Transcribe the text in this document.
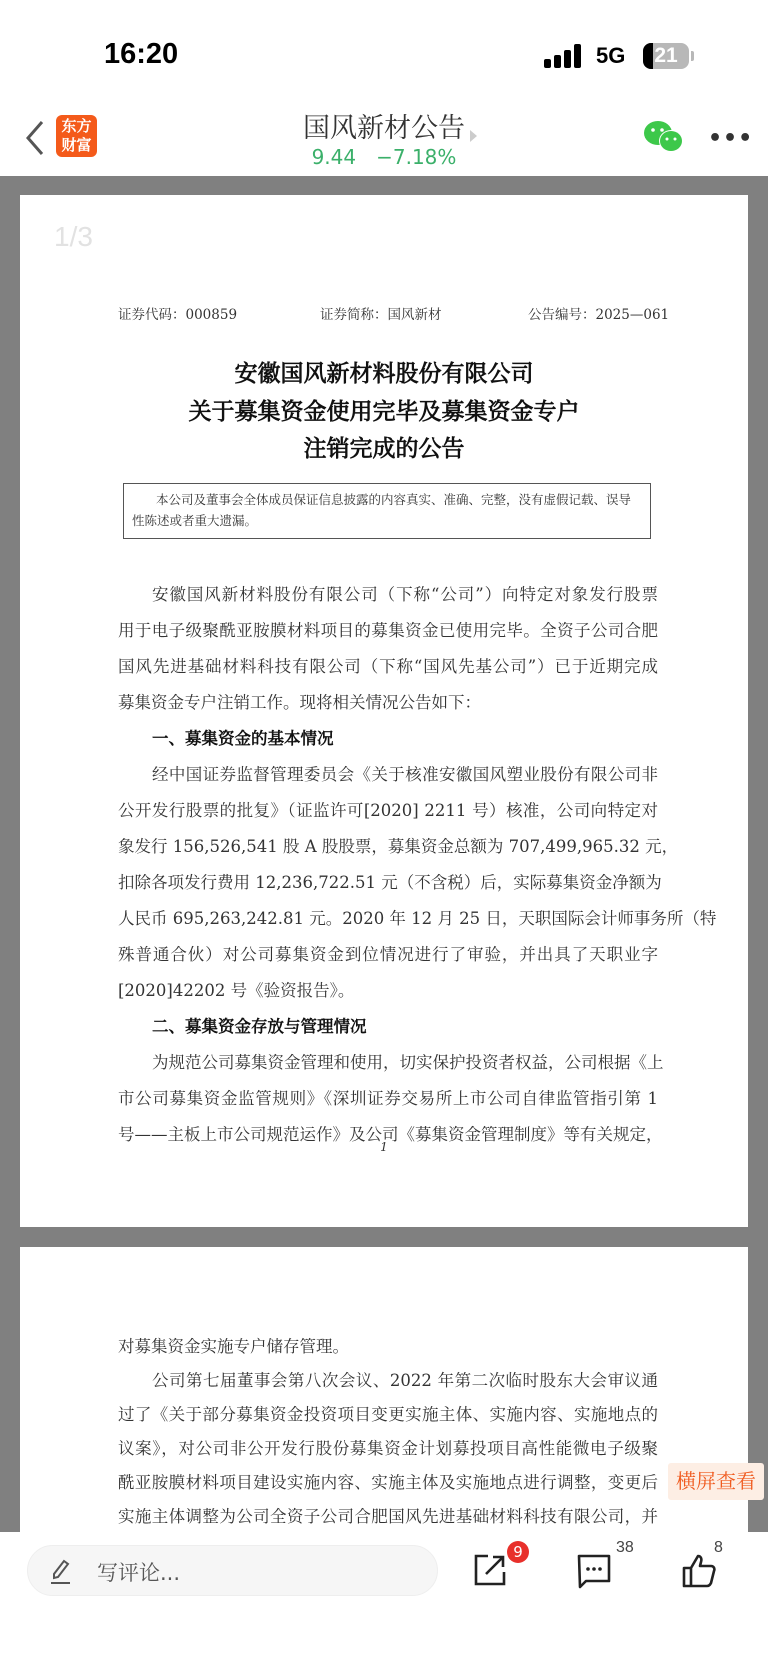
16:20	5G	21
东方
财富
国风新材公告
9.44 −7.18%
•••
1/3
证券代码：000859	证券简称：国风新材	公告编号：2025—061
安徽国风新材料股份有限公司
关于募集资金使用完毕及募集资金专户
注销完成的公告
本公司及董事会全体成员保证信息披露的内容真实、准确、完整，没有虚假记载、误导
性陈述或者重大遗漏。
安徽国风新材料股份有限公司（下称“公司”）向特定对象发行股票
用于电子级聚酰亚胺膜材料项目的募集资金已使用完毕。全资子公司合肥
国风先进基础材料科技有限公司（下称“国风先基公司”）已于近期完成
募集资金专户注销工作。现将相关情况公告如下：
一、募集资金的基本情况
经中国证券监督管理委员会《关于核准安徽国风塑业股份有限公司非
公开发行股票的批复》（证监许可[2020] 2211 号）核准，公司向特定对
象发行 156,526,541 股 A 股股票，募集资金总额为 707,499,965.32 元，
扣除各项发行费用 12,236,722.51 元（不含税）后，实际募集资金净额为
人民币 695,263,242.81 元。2020 年 12 月 25 日，天职国际会计师事务所（特
殊普通合伙）对公司募集资金到位情况进行了审验，并出具了天职业字
[2020]42202 号《验资报告》。
二、募集资金存放与管理情况
为规范公司募集资金管理和使用，切实保护投资者权益，公司根据《上
市公司募集资金监管规则》《深圳证券交易所上市公司自律监管指引第 1
号——主板上市公司规范运作》及公司《募集资金管理制度》等有关规定，
1
对募集资金实施专户储存管理。
公司第七届董事会第八次会议、2022 年第二次临时股东大会审议通
过了《关于部分募集资金投资项目变更实施主体、实施内容、实施地点的
议案》，对公司非公开发行股份募集资金计划募投项目高性能微电子级聚
酰亚胺膜材料项目建设实施内容、实施主体及实施地点进行调整，变更后
实施主体调整为公司全资子公司合肥国风先进基础材料科技有限公司，并
横屏查看
写评论...
9	38	8
